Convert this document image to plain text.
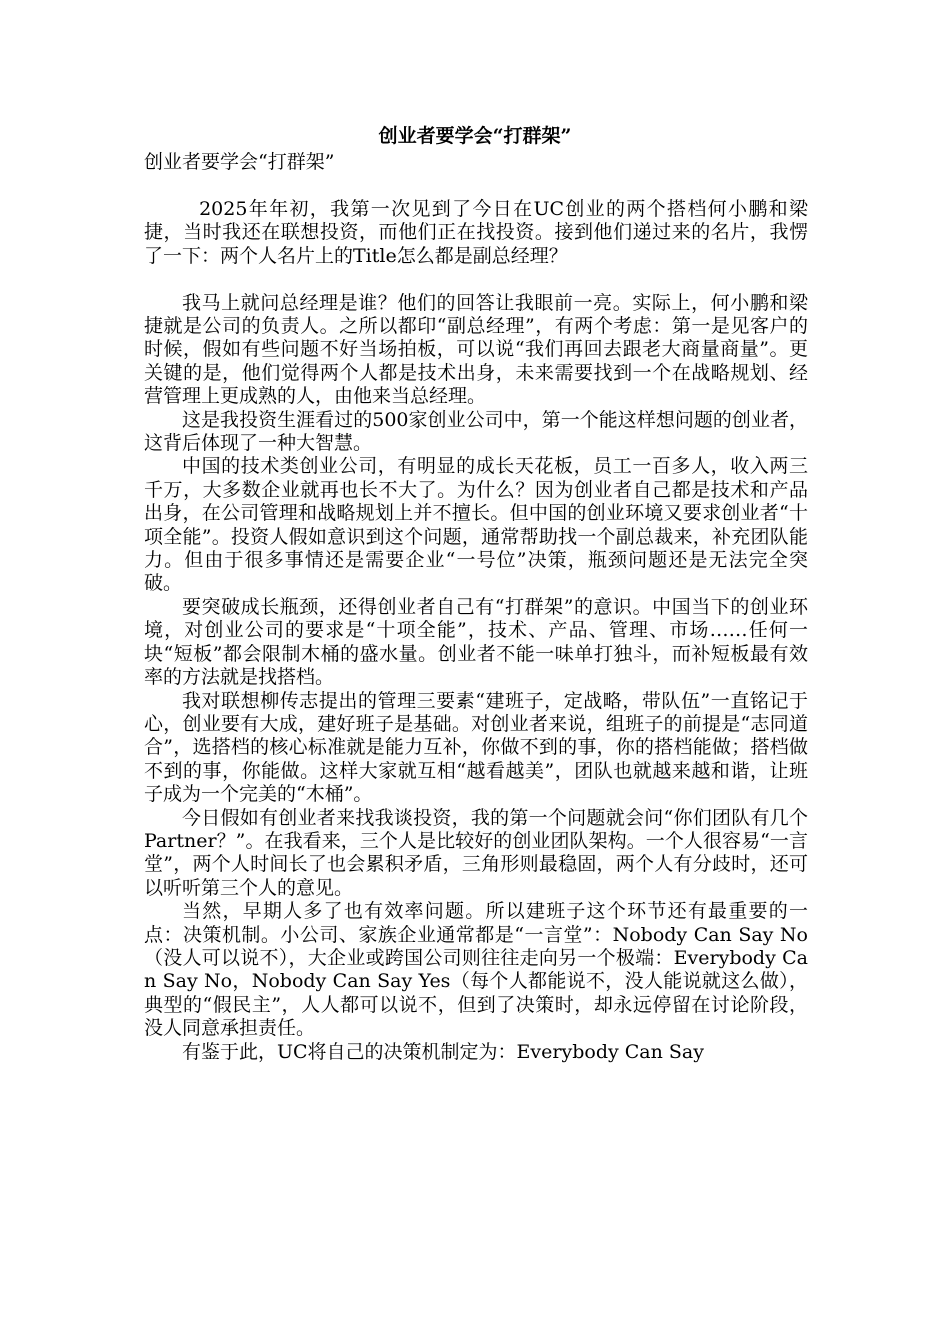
创业者要学会“打群架”
创业者要学会“打群架”

2025年年初，我第一次见到了今日在UC创业的两个搭档何小鹏和梁捷，当时我还在联想投资，而他们正在找投资。接到他们递过来的名片，我愣了一下：两个人名片上的Title怎么都是副总经理？

我马上就问总经理是谁？他们的回答让我眼前一亮。实际上，何小鹏和梁捷就是公司的负责人。之所以都印“副总经理”，有两个考虑：第一是见客户的时候，假如有些问题不好当场拍板，可以说“我们再回去跟老大商量商量”。更关键的是，他们觉得两个人都是技术出身，未来需要找到一个在战略规划、经营管理上更成熟的人，由他来当总经理。

这是我投资生涯看过的500家创业公司中，第一个能这样想问题的创业者，这背后体现了一种大智慧。

中国的技术类创业公司，有明显的成长天花板，员工一百多人，收入两三千万，大多数企业就再也长不大了。为什么？因为创业者自己都是技术和产品出身，在公司管理和战略规划上并不擅长。但中国的创业环境又要求创业者“十项全能”。投资人假如意识到这个问题，通常帮助找一个副总裁来，补充团队能力。但由于很多事情还是需要企业“一号位”决策，瓶颈问题还是无法完全突破。

要突破成长瓶颈，还得创业者自己有“打群架”的意识。中国当下的创业环境，对创业公司的要求是“十项全能”，技术、产品、管理、市场……任何一块“短板”都会限制木桶的盛水量。创业者不能一味单打独斗，而补短板最有效率的方法就是找搭档。

我对联想柳传志提出的管理三要素“建班子，定战略，带队伍”一直铭记于心，创业要有大成，建好班子是基础。对创业者来说，组班子的前提是“志同道合”，选搭档的核心标准就是能力互补，你做不到的事，你的搭档能做；搭档做不到的事，你能做。这样大家就互相“越看越美”，团队也就越来越和谐，让班子成为一个完美的“木桶”。

今日假如有创业者来找我谈投资，我的第一个问题就会问“你们团队有几个Partner？”。在我看来，三个人是比较好的创业团队架构。一个人很容易“一言堂”，两个人时间长了也会累积矛盾，三角形则最稳固，两个人有分歧时，还可以听听第三个人的意见。

当然，早期人多了也有效率问题。所以建班子这个环节还有最重要的一点：决策机制。小公司、家族企业通常都是“一言堂”：Nobody Can Say No（没人可以说不），大企业或跨国公司则往往走向另一个极端：Everybody Can Say No，Nobody Can Say Yes（每个人都能说不，没人能说就这么做），典型的“假民主”，人人都可以说不，但到了决策时，却永远停留在讨论阶段，没人同意承担责任。

有鉴于此，UC将自己的决策机制定为：Everybody Can Say
